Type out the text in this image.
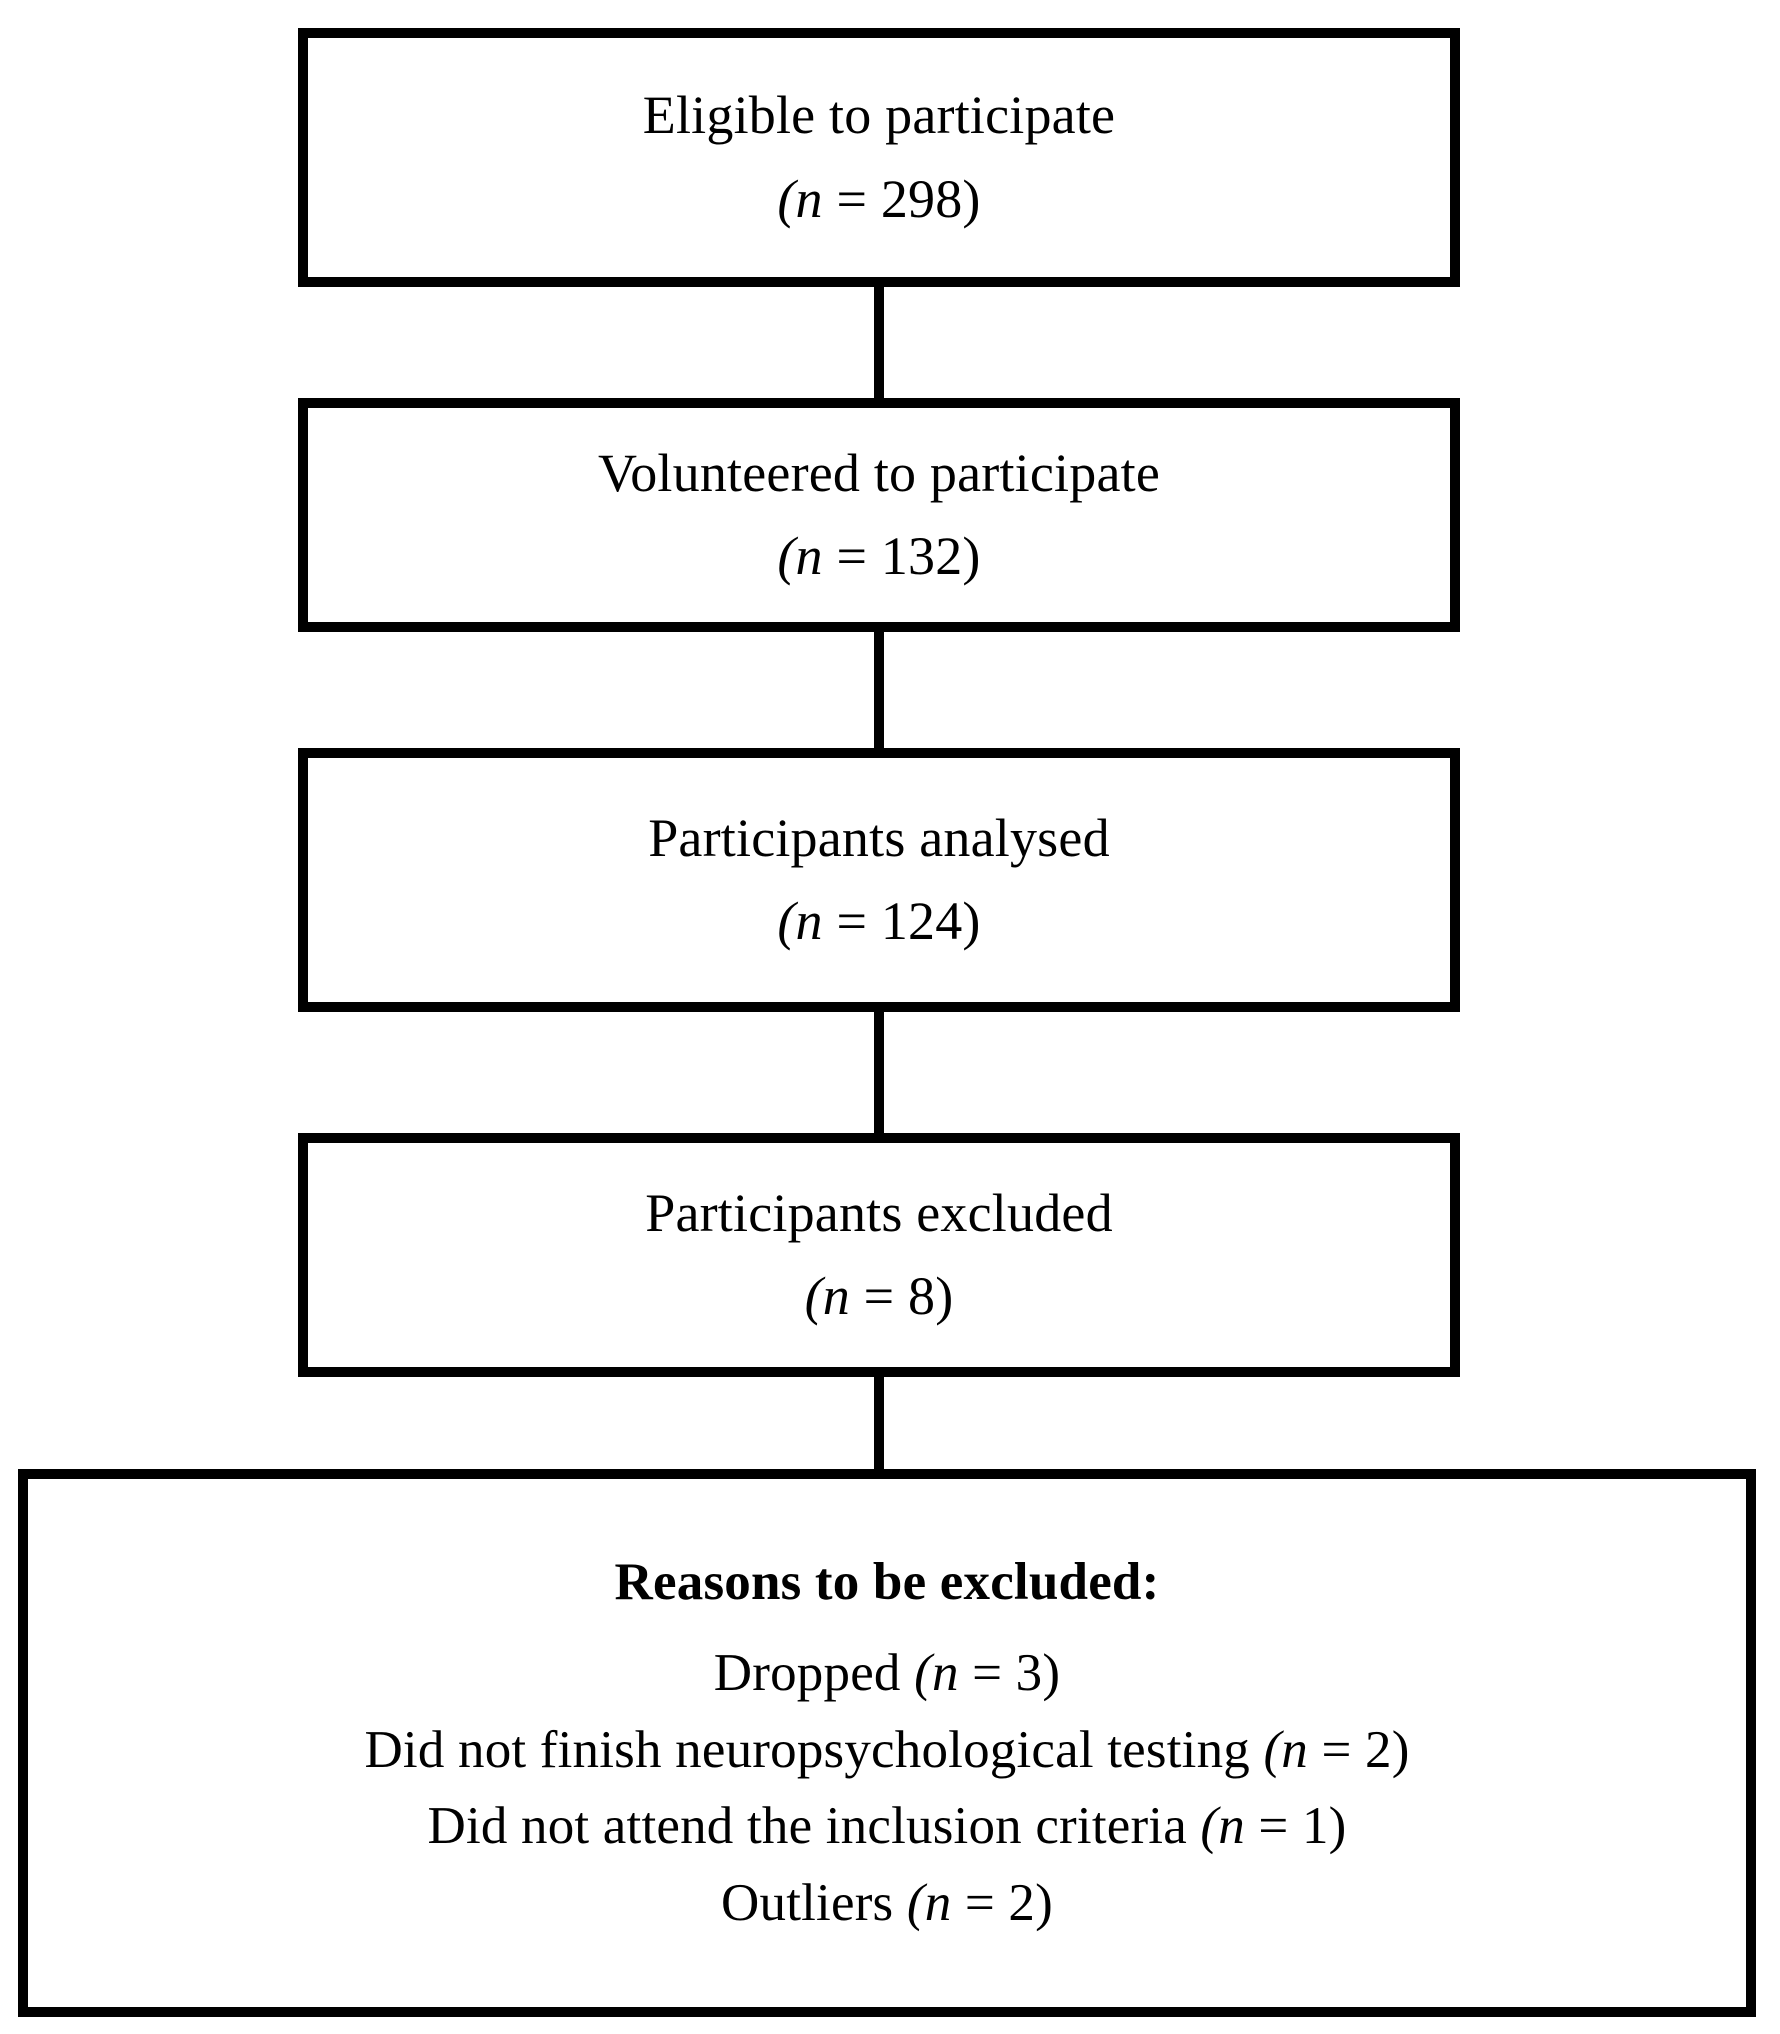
Eligible to participate
(n = 298)
Volunteered to participate
(n = 132)
Participants analysed
(n = 124)
Participants excluded
(n = 8)
Reasons to be excluded:
Dropped (n = 3)
Did not finish neuropsychological testing (n = 2)
Did not attend the inclusion criteria (n = 1)
Outliers (n = 2)
